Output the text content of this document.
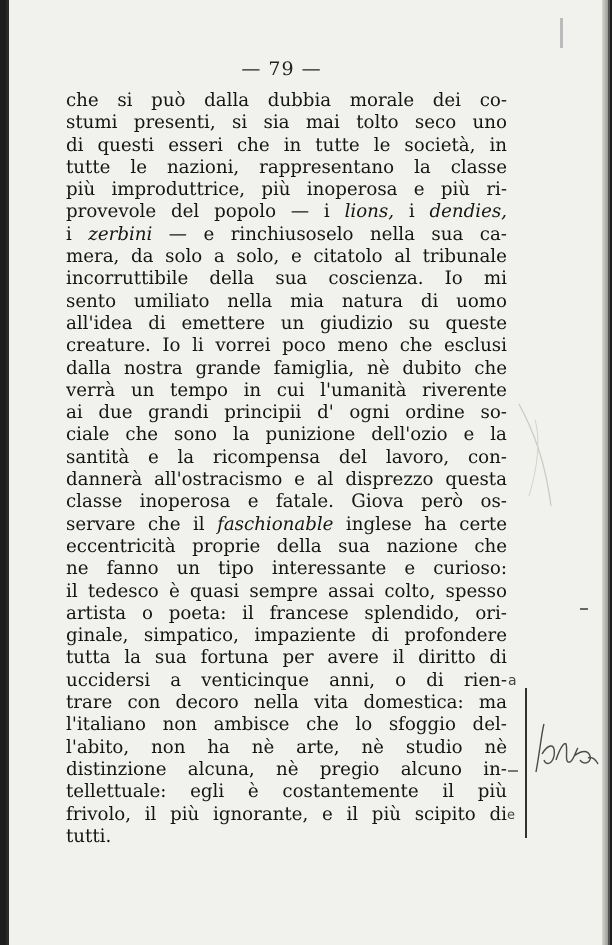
— 79 —
che si può dalla dubbia morale dei co-
stumi presenti, si sia mai tolto seco uno
di questi esseri che in tutte le società, in
tutte le nazioni, rappresentano la classe
più improduttrice, più inoperosa e più ri-
provevole del popolo — i lions, i dendies,
i zerbini — e rinchiusoselo nella sua ca-
mera, da solo a solo, e citatolo al tribunale
incorruttibile della sua coscienza. Io mi
sento umiliato nella mia natura di uomo
all'idea di emettere un giudizio su queste
creature. Io li vorrei poco meno che esclusi
dalla nostra grande famiglia, nè dubito che
verrà un tempo in cui l'umanità riverente
ai due grandi principii d' ogni ordine so-
ciale che sono la punizione dell'ozio e la
santità e la ricompensa del lavoro, con-
dannerà all'ostracismo e al disprezzo questa
classe inoperosa e fatale. Giova però os-
servare che il faschionable inglese ha certe
eccentricità proprie della sua nazione che
ne fanno un tipo interessante e curioso:
il tedesco è quasi sempre assai colto, spesso
artista o poeta: il francese splendido, ori-
ginale, simpatico, impaziente di profondere
tutta la sua fortuna per avere il diritto di
uccidersi a venticinque anni, o di rien-
trare con decoro nella vita domestica: ma
l'italiano non ambisce che lo sfoggio del-
l'abito, non ha nè arte, nè studio nè
distinzione alcuna, nè pregio alcuno in-
tellettuale: egli è costantemente il più
frivolo, il più ignorante, e il più scipito di
tutti.
a
e
